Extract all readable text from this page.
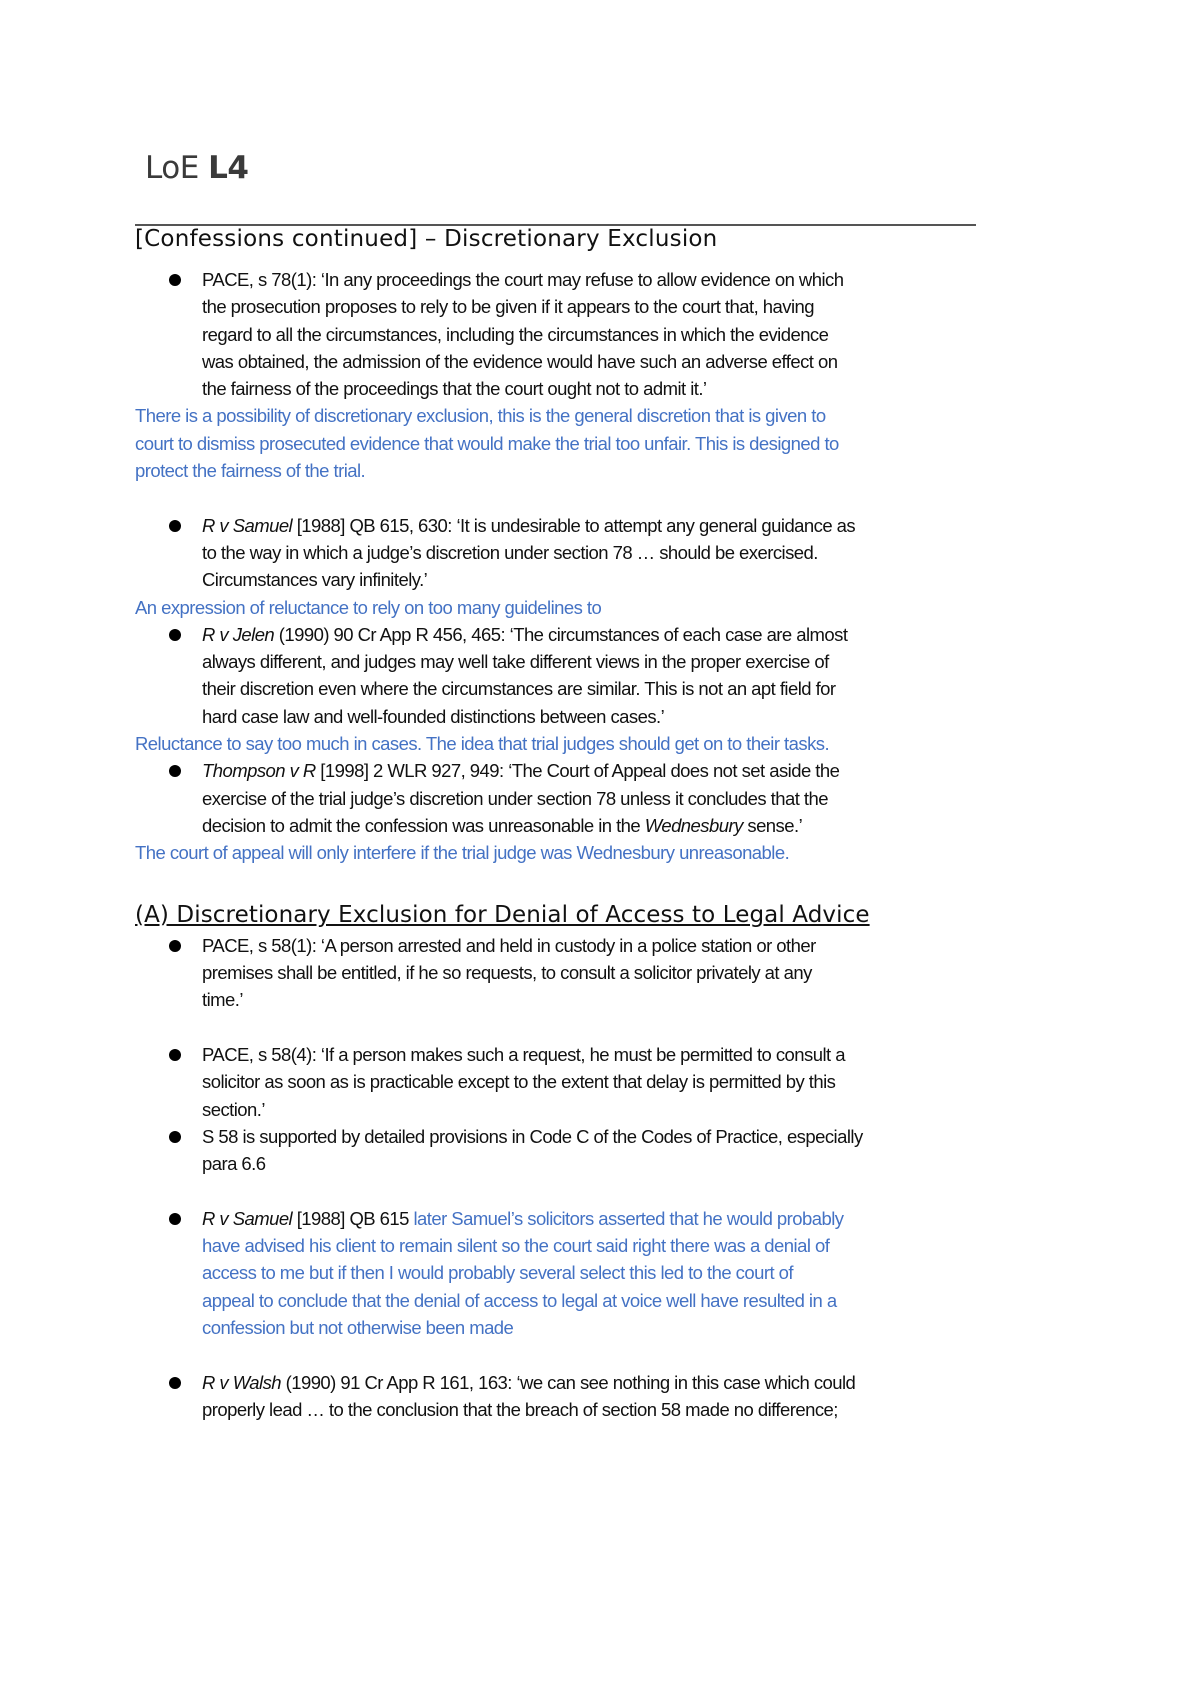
LoE L4
[Confessions continued] – Discretionary Exclusion
PACE, s 78(1): ‘In any proceedings the court may refuse to allow evidence on which
the prosecution proposes to rely to be given if it appears to the court that, having
regard to all the circumstances, including the circumstances in which the evidence
was obtained, the admission of the evidence would have such an adverse effect on
the fairness of the proceedings that the court ought not to admit it.’
There is a possibility of discretionary exclusion, this is the general discretion that is given to
court to dismiss prosecuted evidence that would make the trial too unfair. This is designed to
protect the fairness of the trial.
R v Samuel [1988] QB 615, 630: ‘It is undesirable to attempt any general guidance as
to the way in which a judge’s discretion under section 78 … should be exercised.
Circumstances vary infinitely.’
An expression of reluctance to rely on too many guidelines to
R v Jelen (1990) 90 Cr App R 456, 465: ‘The circumstances of each case are almost
always different, and judges may well take different views in the proper exercise of
their discretion even where the circumstances are similar. This is not an apt field for
hard case law and well-founded distinctions between cases.’
Reluctance to say too much in cases. The idea that trial judges should get on to their tasks.
Thompson v R [1998] 2 WLR 927, 949: ‘The Court of Appeal does not set aside the
exercise of the trial judge’s discretion under section 78 unless it concludes that the
decision to admit the confession was unreasonable in the Wednesbury sense.’
The court of appeal will only interfere if the trial judge was Wednesbury unreasonable.
(A) Discretionary Exclusion for Denial of Access to Legal Advice
PACE, s 58(1): ‘A person arrested and held in custody in a police station or other
premises shall be entitled, if he so requests, to consult a solicitor privately at any
time.’
PACE, s 58(4): ‘If a person makes such a request, he must be permitted to consult a
solicitor as soon as is practicable except to the extent that delay is permitted by this
section.’
S 58 is supported by detailed provisions in Code C of the Codes of Practice, especially
para 6.6
R v Samuel [1988] QB 615 later Samuel’s solicitors asserted that he would probably
have advised his client to remain silent so the court said right there was a denial of
access to me but if then I would probably several select this led to the court of
appeal to conclude that the denial of access to legal at voice well have resulted in a
confession but not otherwise been made
R v Walsh (1990) 91 Cr App R 161, 163: ‘we can see nothing in this case which could
properly lead … to the conclusion that the breach of section 58 made no difference;
